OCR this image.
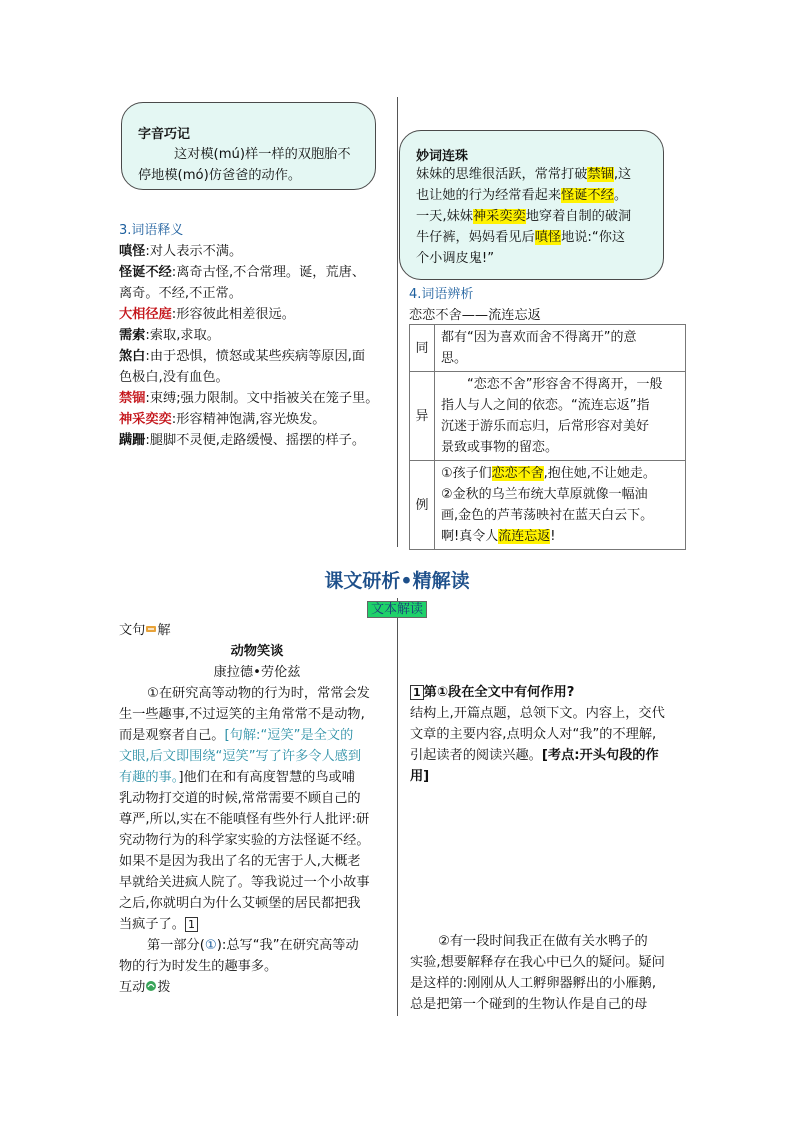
字音巧记
这对模(mú)样一样的双胞胎不
停地模(mó)仿爸爸的动作。
妙词连珠
妹妹的思维很活跃，常常打破禁锢,这
也让她的行为经常看起来怪诞不经。
一天,妹妹神采奕奕地穿着自制的破洞
牛仔裤，妈妈看见后嗔怪地说:“你这
个小调皮鬼!”
3.词语释义
嗔怪:对人表示不满。
怪诞不经:离奇古怪,不合常理。诞，荒唐、
离奇。不经,不正常。
大相径庭:形容彼此相差很远。
需索:索取,求取。
煞白:由于恐惧，愤怒或某些疾病等原因,面
色极白,没有血色。
禁锢:束缚;强力限制。文中指被关在笼子里。
神采奕奕:形容精神饱满,容光焕发。
蹒跚:腿脚不灵便,走路缓慢、摇摆的样子。
4.词语辨析
恋恋不舍——流连忘返
同	都有“因为喜欢而舍不得离开”的意
思。

异	“恋恋不舍”形容舍不得离开，一般
指人与人之间的依恋。“流连忘返”指
沉迷于游乐而忘归，后常形容对美好
景致或事物的留恋。

例	①孩子们恋恋不舍,抱住她,不让她走。
②金秋的乌兰布统大草原就像一幅油
画,金色的芦苇荡映衬在蓝天白云下。
啊!真令人流连忘返!
课文研析•精解读
文本解读
文句 解
动物笑谈
康拉德•劳伦兹
①在研究高等动物的行为时，常常会发
生一些趣事,不过逗笑的主角常常不是动物,
而是观察者自己。[句解:“逗笑”是全文的
文眼,后文即围绕“逗笑”写了许多令人感到
有趣的事。]他们在和有高度智慧的鸟或哺
乳动物打交道的时候,常常需要不顾自己的
尊严,所以,实在不能嗔怪有些外行人批评:研
究动物行为的科学家实验的方法怪诞不经。
如果不是因为我出了名的无害于人,大概老
早就给关进疯人院了。等我说过一个小故事
之后,你就明白为什么艾顿堡的居民都把我
当疯子了。 1
第一部分(①):总写“我”在研究高等动
物的行为时发生的趣事多。
互动 拨
1 第①段在全文中有何作用?
结构上,开篇点题，总领下文。内容上，交代
文章的主要内容,点明众人对“我”的不理解,
引起读者的阅读兴趣。[考点:开头句段的作
用]
②有一段时间我正在做有关水鸭子的
实验,想要解释存在我心中已久的疑问。疑问
是这样的:刚刚从人工孵卵器孵出的小雁鹅,
总是把第一个碰到的生物认作是自己的母
